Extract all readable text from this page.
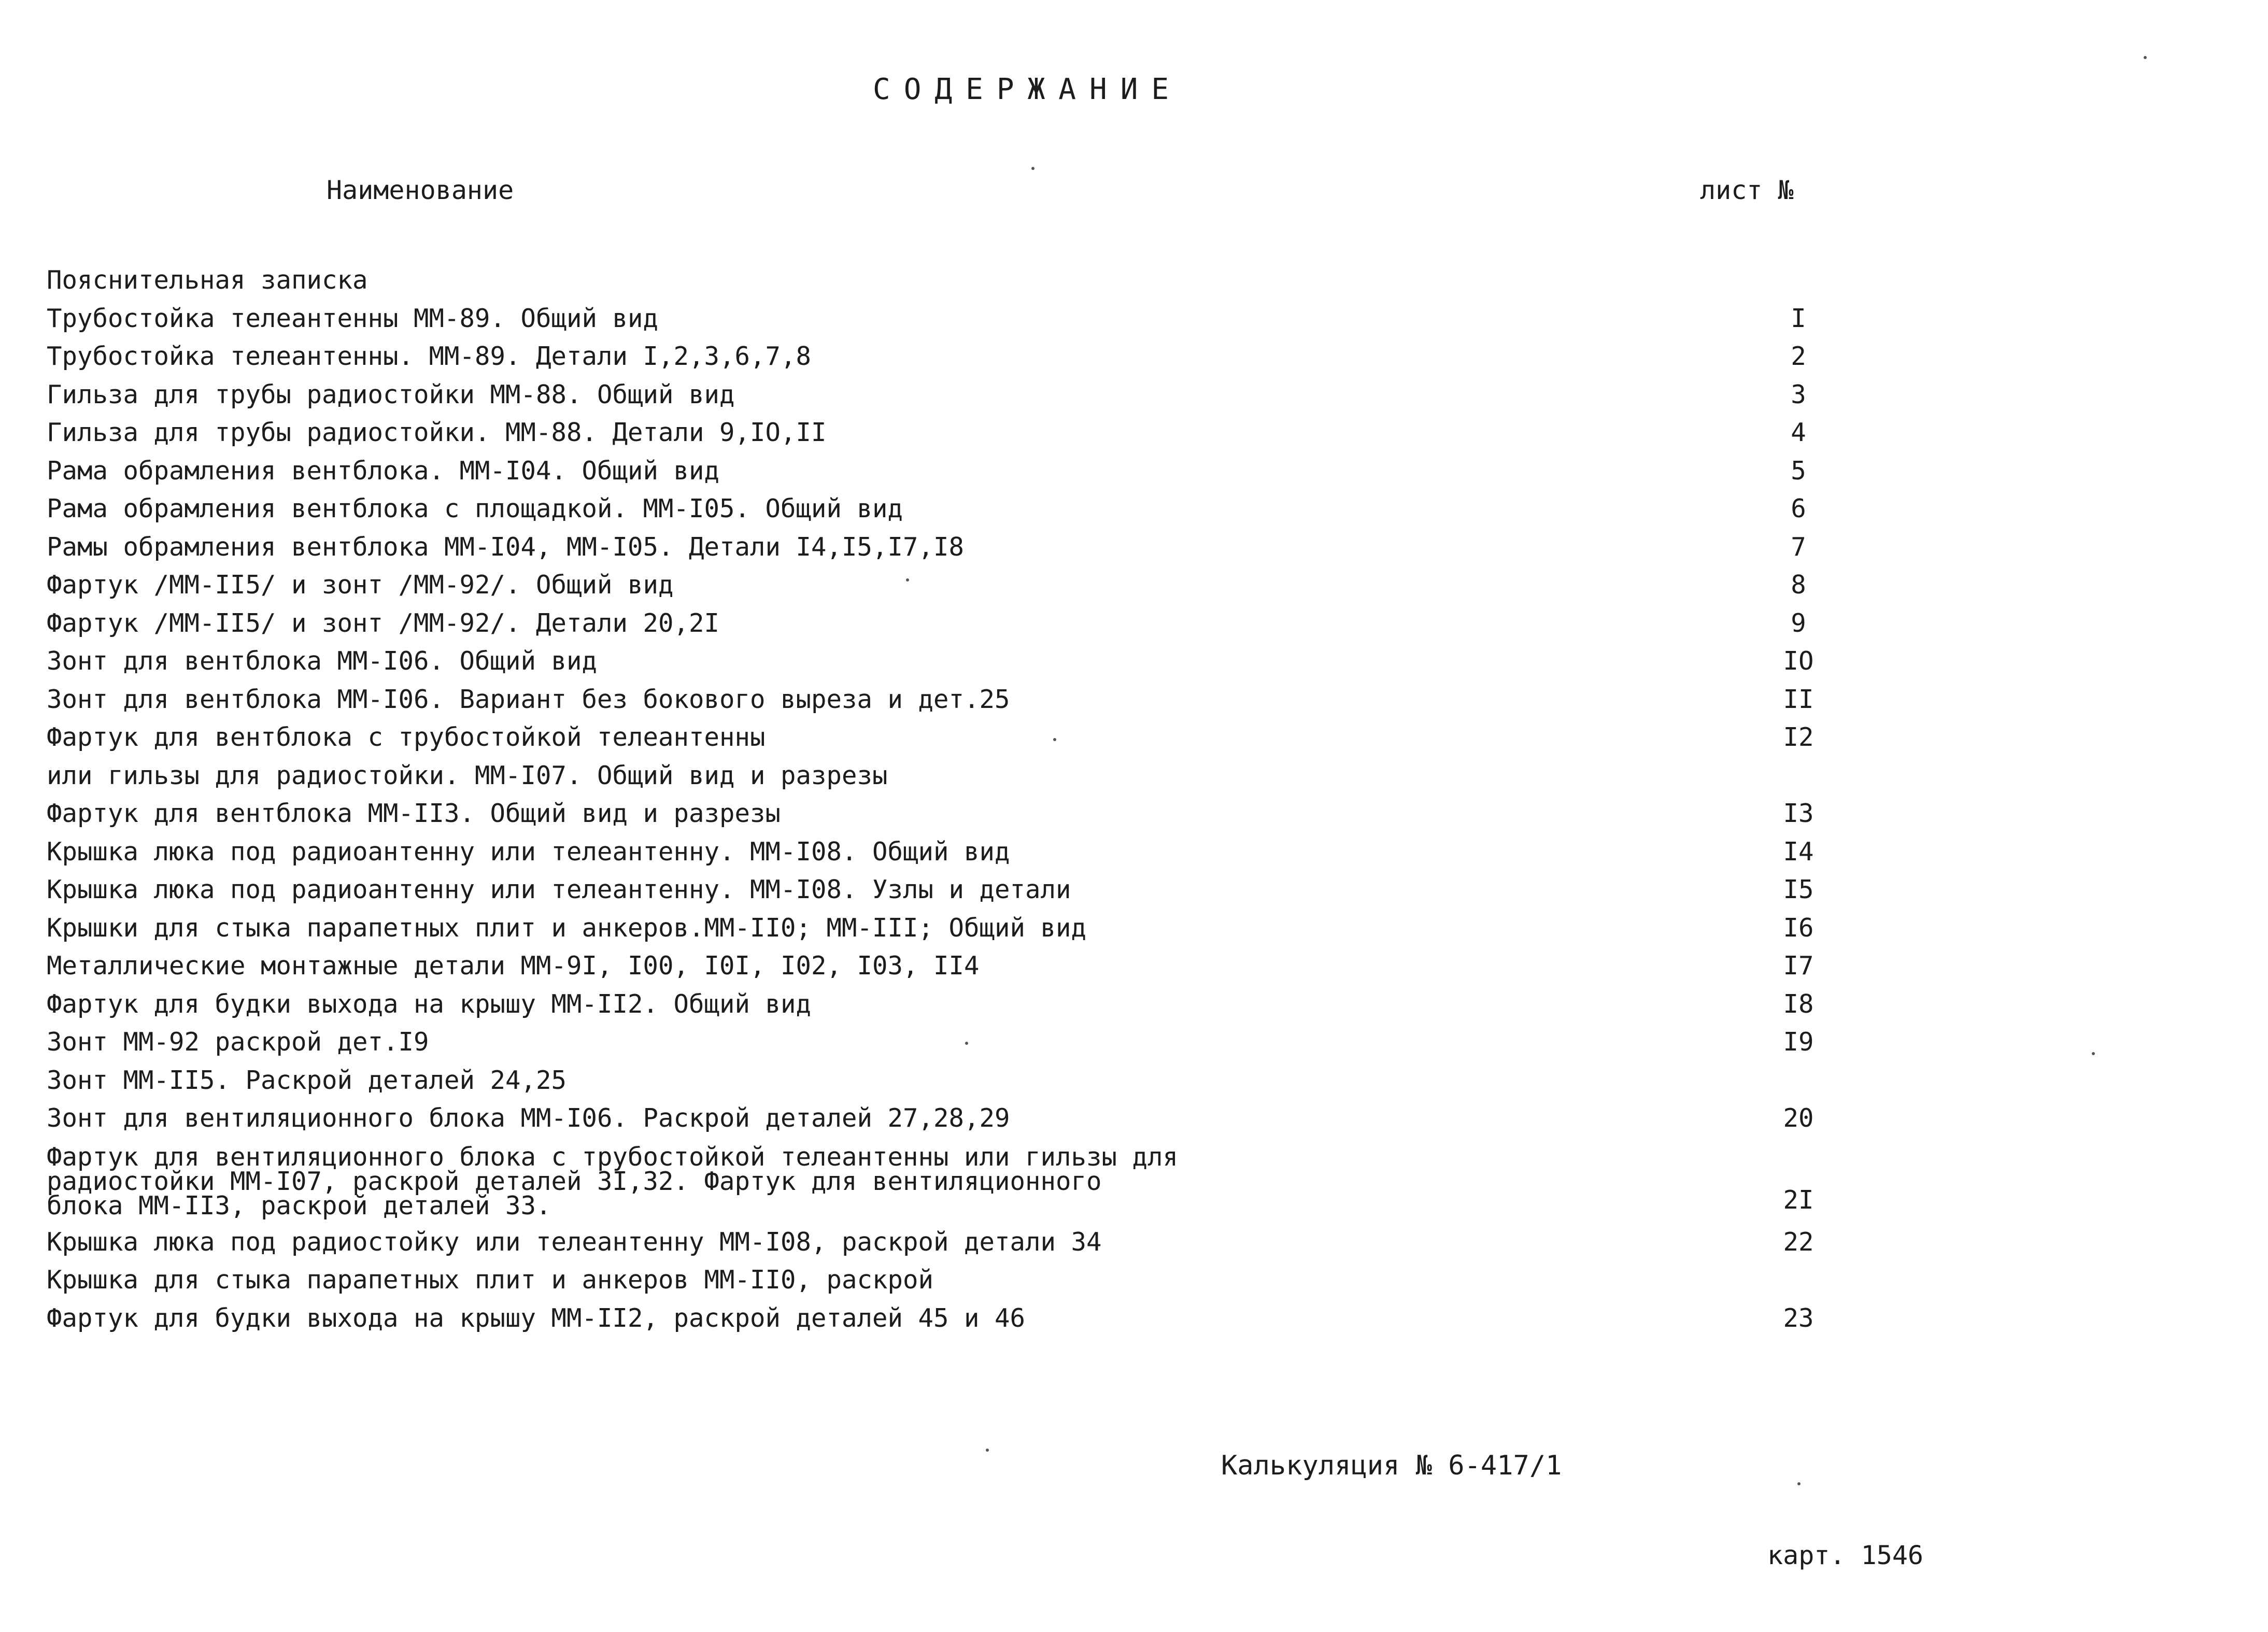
СОДЕРЖАНИЕ
Наименование	лист №
Пояснительная записка
Трубостойка телеантенны ММ-89. Общий вид	I
Трубостойка телеантенны. ММ-89. Детали I,2,3,6,7,8	2
Гильза для трубы радиостойки ММ-88. Общий вид	3
Гильза для трубы радиостойки. ММ-88. Детали 9,IO,II	4
Рама обрамления вентблока. ММ-I04. Общий вид	5
Рама обрамления вентблока с площадкой. ММ-I05. Общий вид	6
Рамы обрамления вентблока ММ-I04, ММ-I05. Детали I4,I5,I7,I8	7
Фартук /ММ-II5/ и зонт /ММ-92/. Общий вид	8
Фартук /ММ-II5/ и зонт /ММ-92/. Детали 20,2I	9
Зонт для вентблока ММ-I06. Общий вид	IO
Зонт для вентблока ММ-I06. Вариант без бокового выреза и дет.25	II
Фартук для вентблока с трубостойкой телеантенны	I2
или гильзы для радиостойки. ММ-I07. Общий вид и разрезы
Фартук для вентблока ММ-II3. Общий вид и разрезы	I3
Крышка люка под радиоантенну или телеантенну. ММ-I08. Общий вид	I4
Крышка люка под радиоантенну или телеантенну. ММ-I08. Узлы и детали	I5
Крышки для стыка парапетных плит и анкеров.ММ-II0; ММ-III; Общий вид	I6
Металлические монтажные детали ММ-9I, I00, I0I, I02, I03, II4	I7
Фартук для будки выхода на крышу ММ-II2. Общий вид	I8
Зонт ММ-92 раскрой дет.I9	I9
Зонт ММ-II5. Раскрой деталей 24,25
Зонт для вентиляционного блока ММ-I06. Раскрой деталей 27,28,29	20
Фартук для вентиляционного блока с трубостойкой телеантенны или гильзы для
радиостойки ММ-I07, раскрой деталей 3I,32. Фартук для вентиляционного
блока ММ-II3, раскрой деталей 33.	2I
Крышка люка под радиостойку или телеантенну ММ-I08, раскрой детали 34	22
Крышка для стыка парапетных плит и анкеров ММ-II0, раскрой
Фартук для будки выхода на крышу ММ-II2, раскрой деталей 45 и 46	23
Калькуляция № 6-417/1
карт. 1546
